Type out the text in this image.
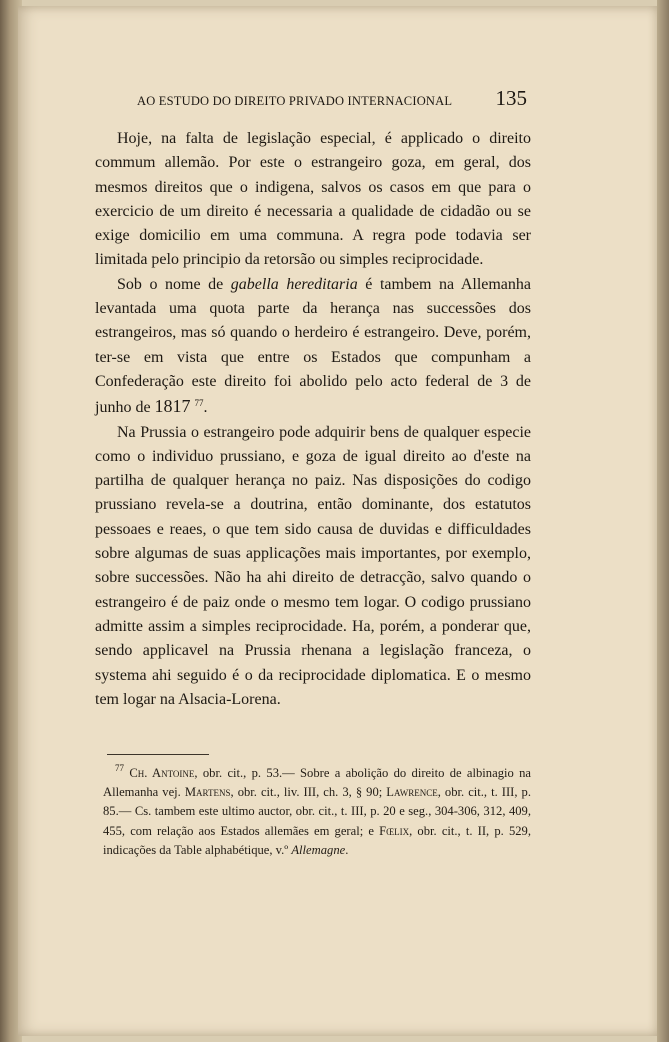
AO ESTUDO DO DIREITO PRIVADO INTERNACIONAL 135

Hoje, na falta de legislação especial, é applicado o direito commum allemão. Por este o estrangeiro goza, em geral, dos mesmos direitos que o indigena, salvos os casos em que para o exercicio de um direito é necessaria a qualidade de cidadão ou se exige domicilio em uma communa. A regra pode todavia ser limitada pelo principio da retorsão ou simples reciprocidade.

Sob o nome de gabella hereditaria é tambem na Allemanha levantada uma quota parte da herança nas successões dos estrangeiros, mas só quando o herdeiro é estrangeiro. Deve, porém, ter-se em vista que entre os Estados que compunham a Confederação este direito foi abolido pelo acto federal de 3 de junho de 1817 $^{77}$.

Na Prussia o estrangeiro pode adquirir bens de qualquer especie como o individuo prussiano, e goza de igual direito ao d'este na partilha de qualquer herança no paiz. Nas disposições do codigo prussiano revela-se a doutrina, então dominante, dos estatutos pessoaes e reaes, o que tem sido causa de duvidas e difficuldades sobre algumas de suas applicações mais importantes, por exemplo, sobre successões. Não ha ahi direito de detracção, salvo quando o estrangeiro é de paiz onde o mesmo tem logar. O codigo prussiano admitte assim a simples reciprocidade. Ha, porém, a ponderar que, sendo applicavel na Prussia rhenana a legislação franceza, o systema ahi seguido é o da reciprocidade diplomatica. E o mesmo tem logar na Alsacia-Lorena.

$^{77}$ Ch. Antoine, obr. cit., p. 53.— Sobre a abolição do direito de albinagio na Allemanha vej. Martens, obr. cit., liv. III, ch. 3, § 90; Lawrence, obr. cit., t. III, p. 85.— Cs. tambem este ultimo auctor, obr. cit., t. III, p. 20 e seg., 304-306, 312, 409, 455, com relação aos Estados allemães em geral; e Fœlix, obr. cit., t. II, p. 529, indicações da Table alphabétique, v.º Allemagne.
